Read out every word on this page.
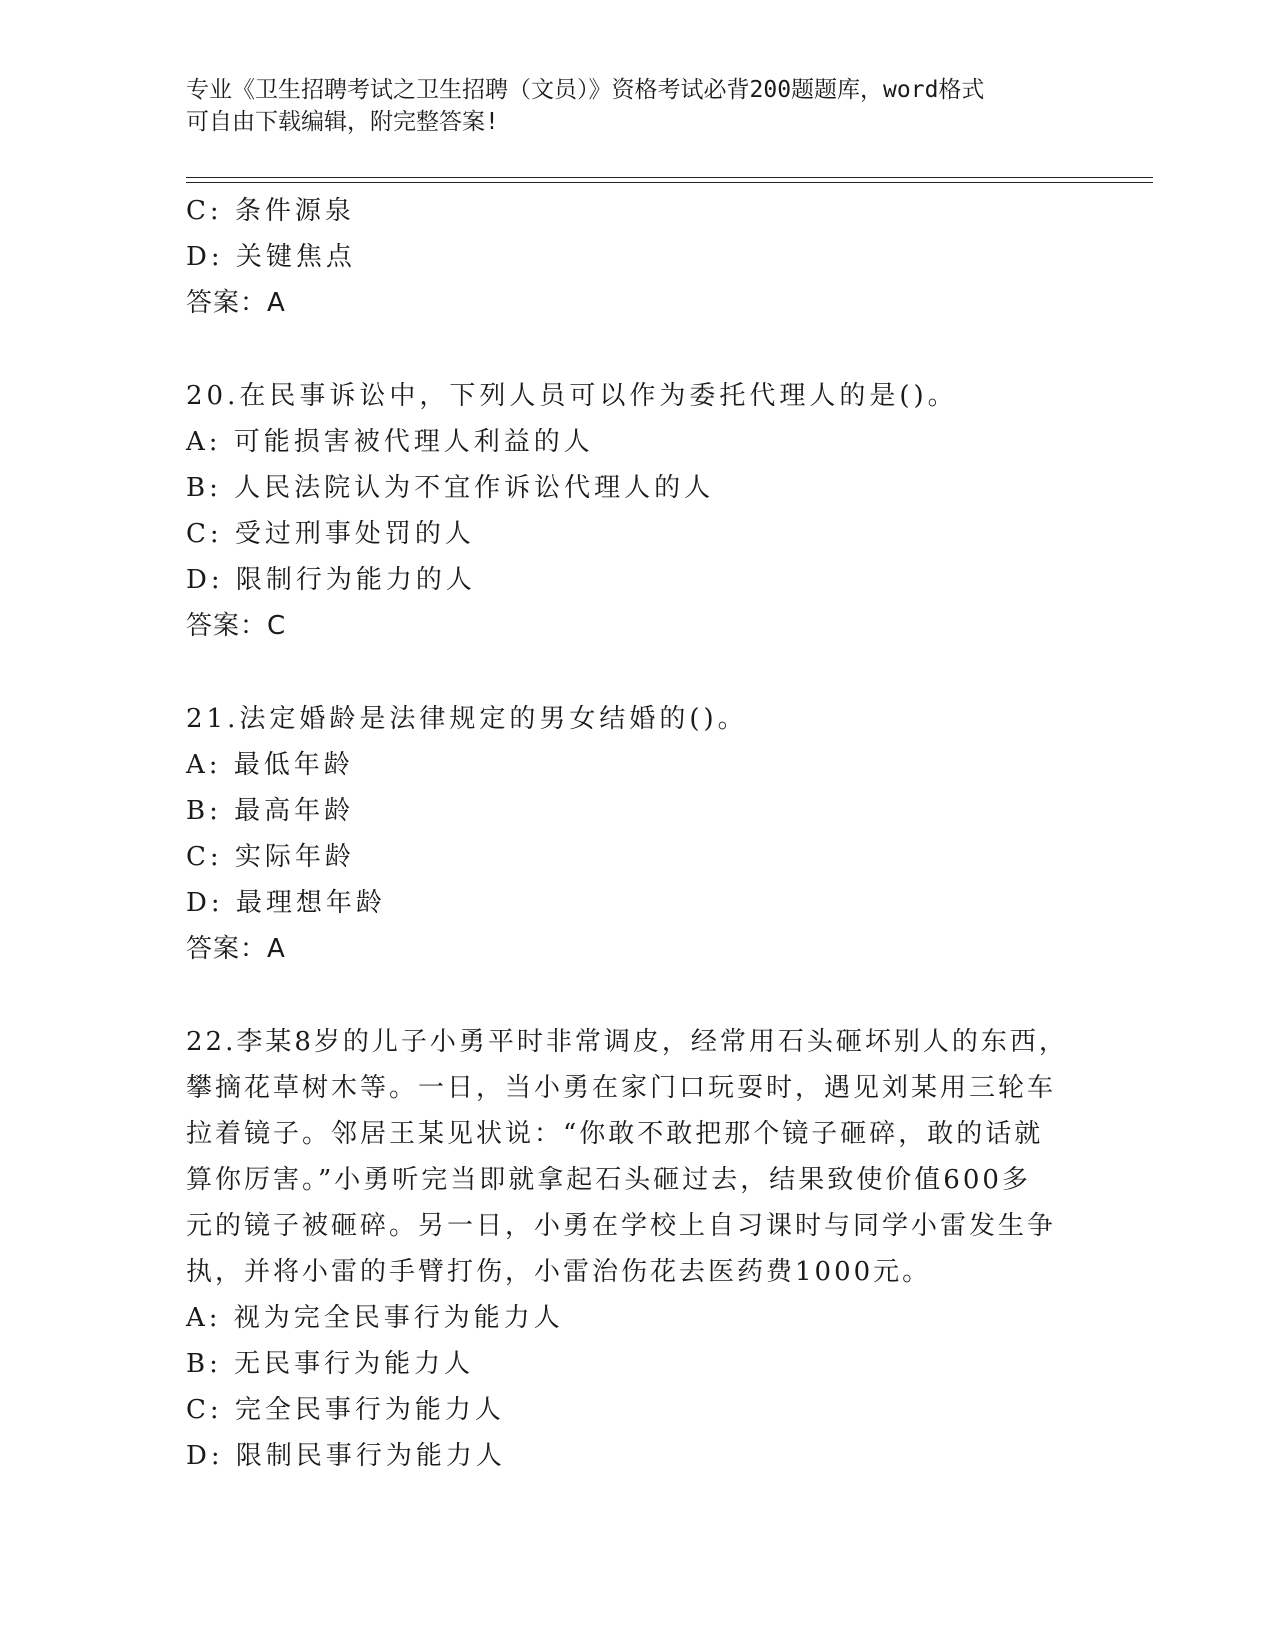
专业《卫生招聘考试之卫生招聘（文员）》资格考试必背200题题库，word格式
可自由下载编辑，附完整答案!
C: 条件源泉
D: 关键焦点
答案：A
20.在民事诉讼中，下列人员可以作为委托代理人的是()。
A: 可能损害被代理人利益的人
B: 人民法院认为不宜作诉讼代理人的人
C: 受过刑事处罚的人
D: 限制行为能力的人
答案：C
21.法定婚龄是法律规定的男女结婚的()。
A: 最低年龄
B: 最高年龄
C: 实际年龄
D: 最理想年龄
答案：A
22.李某8岁的儿子小勇平时非常调皮，经常用石头砸坏别人的东西，
攀摘花草树木等。一日，当小勇在家门口玩耍时，遇见刘某用三轮车
拉着镜子。邻居王某见状说：“你敢不敢把那个镜子砸碎，敢的话就
算你厉害。”小勇听完当即就拿起石头砸过去，结果致使价值600多
元的镜子被砸碎。另一日，小勇在学校上自习课时与同学小雷发生争
执，并将小雷的手臂打伤，小雷治伤花去医药费1000元。
A: 视为完全民事行为能力人
B: 无民事行为能力人
C: 完全民事行为能力人
D: 限制民事行为能力人
